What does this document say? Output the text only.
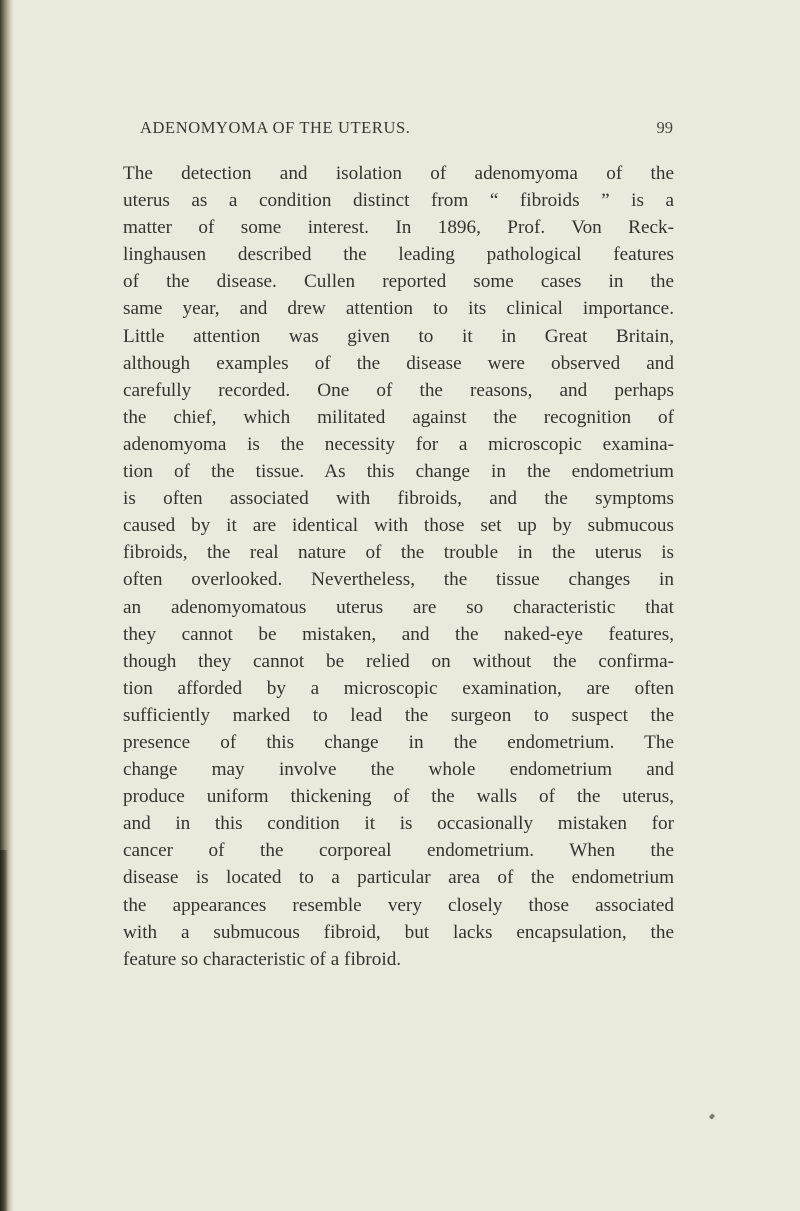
ADENOMYOMA OF THE UTERUS.	99
The detection and isolation of adenomyoma of the
uterus as a condition distinct from “ fibroids ” is a
matter of some interest. In 1896, Prof. Von Reck-
linghausen described the leading pathological features
of the disease. Cullen reported some cases in the
same year, and drew attention to its clinical importance.
Little attention was given to it in Great Britain,
although examples of the disease were observed and
carefully recorded. One of the reasons, and perhaps
the chief, which militated against the recognition of
adenomyoma is the necessity for a microscopic examina-
tion of the tissue. As this change in the endometrium
is often associated with fibroids, and the symptoms
caused by it are identical with those set up by submucous
fibroids, the real nature of the trouble in the uterus is
often overlooked. Nevertheless, the tissue changes in
an adenomyomatous uterus are so characteristic that
they cannot be mistaken, and the naked-eye features,
though they cannot be relied on without the confirma-
tion afforded by a microscopic examination, are often
sufficiently marked to lead the surgeon to suspect the
presence of this change in the endometrium. The
change may involve the whole endometrium and
produce uniform thickening of the walls of the uterus,
and in this condition it is occasionally mistaken for
cancer of the corporeal endometrium. When the
disease is located to a particular area of the endometrium
the appearances resemble very closely those associated
with a submucous fibroid, but lacks encapsulation, the
feature so characteristic of a fibroid.
